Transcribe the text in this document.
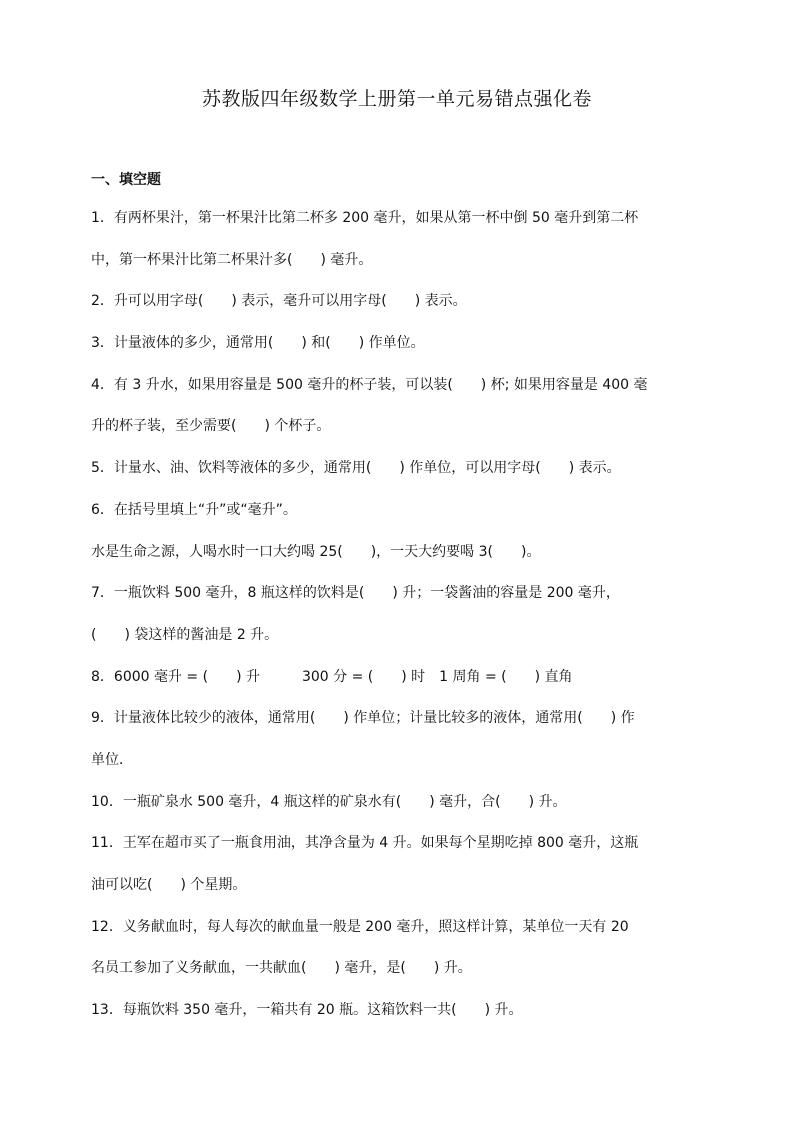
苏教版四年级数学上册第一单元易错点强化卷
一、填空题
1．有两杯果汁，第一杯果汁比第二杯多 200 毫升，如果从第一杯中倒 50 毫升到第二杯
中，第一杯果汁比第二杯果汁多(　　) 毫升。
2．升可以用字母(　　) 表示，毫升可以用字母(　　) 表示。
3．计量液体的多少，通常用(　　) 和(　　) 作单位。
4．有 3 升水，如果用容量是 500 毫升的杯子装，可以装(　　) 杯; 如果用容量是 400 毫
升的杯子装，至少需要(　　) 个杯子。
5．计量水、油、饮料等液体的多少，通常用(　　) 作单位，可以用字母(　　) 表示。
6．在括号里填上“升”或“毫升”。
水是生命之源，人喝水时一口大约喝 25(　　)，一天大约要喝 3(　　)。
7．一瓶饮料 500 毫升，8 瓶这样的饮料是(　　) 升；一袋酱油的容量是 200 毫升，
(　　) 袋这样的酱油是 2 升。
8．6000 毫升 = (　　) 升　　　300 分 = (　　) 时　1 周角 = (　　) 直角
9．计量液体比较少的液体，通常用(　　) 作单位；计量比较多的液体，通常用(　　) 作
单位．
10．一瓶矿泉水 500 毫升，4 瓶这样的矿泉水有(　　) 毫升，合(　　) 升。
11．王军在超市买了一瓶食用油，其净含量为 4 升。如果每个星期吃掉 800 毫升，这瓶
油可以吃(　　) 个星期。
12．义务献血时，每人每次的献血量一般是 200 毫升，照这样计算，某单位一天有 20
名员工参加了义务献血，一共献血(　　) 毫升，是(　　) 升。
13．每瓶饮料 350 毫升，一箱共有 20 瓶。这箱饮料一共(　　) 升。
